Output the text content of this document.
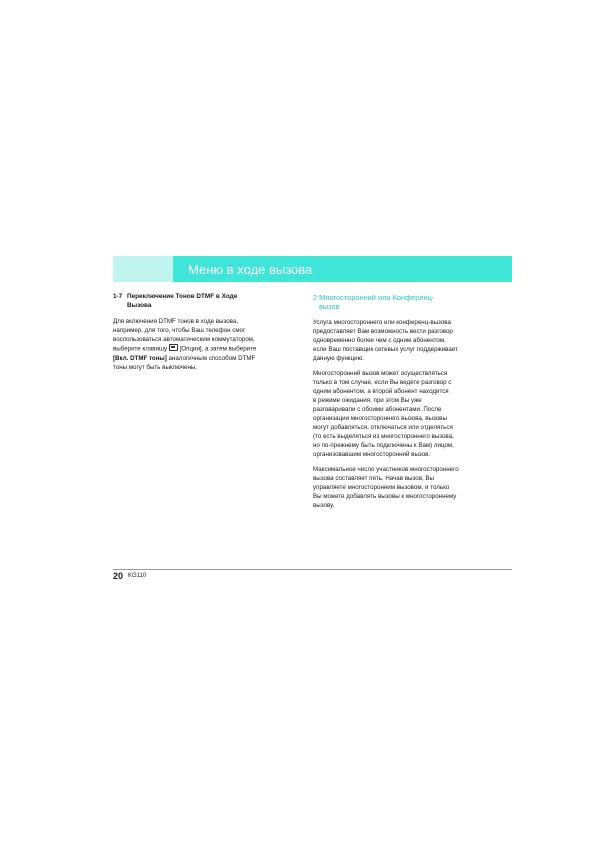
Меню в ходе вызова
1-7 Переключение Тонов DTMF в Ходе
Вызова

Для включения DTMF тонов в ходе вызова,
например, для того, чтобы Ваш телефон смог
воспользоваться автоматическим коммутатором,
выберите клавишу  [Опции], а затем выберите
[Вкл. DTMF тоны] аналогичным способом DTMF
тоны могут быть выключены.

2 Многосторонний или Конференц-
вызов

Услуга многостороннего или конференц-вызова
предоставляет Вам возможность вести разговор
одновременно более чем с одним абонентом,
если Ваш поставщик сетевых услуг поддерживает
данную функцию.

Многосторонний вызов может осуществляться
только в том случае, если Вы ведете разговор с
одним абонентом, а второй абонент находится
в режиме ожидания, при этом Вы уже
разговаривали с обоими абонентами. После
организации многостороннего вызова, вызовы
могут добавляться, отключаться или отделяться
(то есть выделяться из многостороннего вызова,
но по-прежнему быть подключены к Вам) лицом,
организовавшим многосторонний вызов.

Максимальное число участников многостороннего
вызова составляет пять. Начав вызов, Вы
управляете многосторонним вызовом, и только
Вы можете добавлять вызовы к многостороннему
вызову.

20 KG110
